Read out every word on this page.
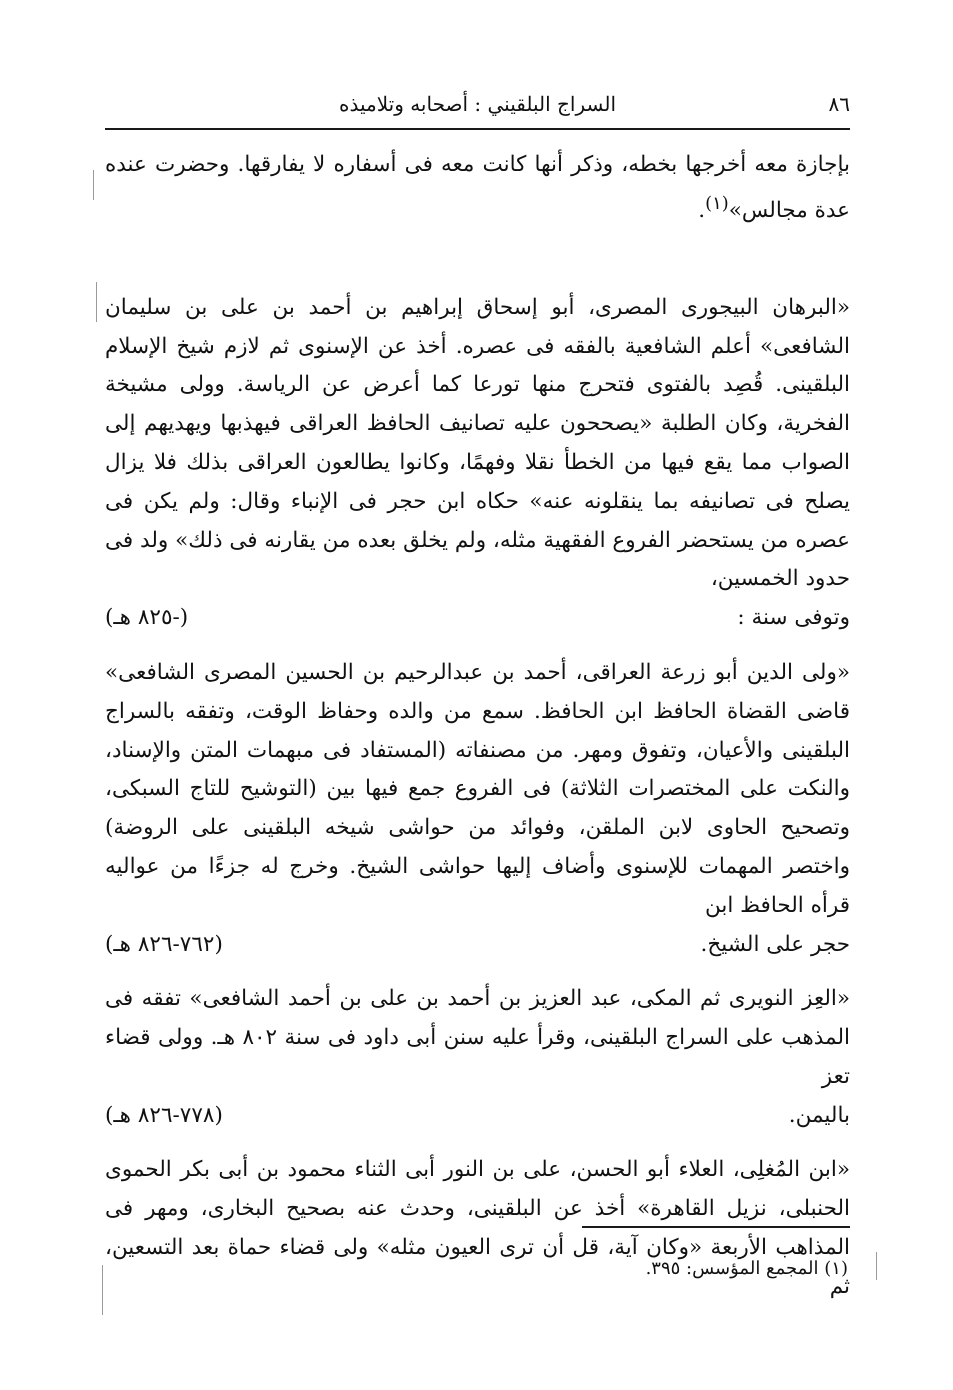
٨٦
السراج البلقيني : أصحابه وتلاميذه

بإجازة معه أخرجها بخطه، وذكر أنها كانت معه فى أسفاره لا يفارقها. وحضرت عنده عدة مجالس»$^{(١)}$.

«البرهان البيجورى المصرى، أبو إسحاق إبراهيم بن أحمد بن على بن سليمان الشافعى» أعلم الشافعية بالفقه فى عصره. أخذ عن الإسنوى ثم لازم شيخ الإسلام البلقينى. قُصِد بالفتوى فتحرج منها تورعا كما أعرض عن الرياسة. وولى مشيخة الفخرية، وكان الطلبة «يصححون عليه تصانيف الحافظ العراقى فيهذبها ويهديهم إلى الصواب مما يقع فيها من الخطأ نقلا وفهمًا، وكانوا يطالعون العراقى بذلك فلا يزال يصلح فى تصانيفه بما ينقلونه عنه» حكاه ابن حجر فى الإنباء وقال: ولم يكن فى عصره من يستحضر الفروع الفقهية مثله، ولم يخلق بعده من يقارنه فى ذلك» ولد فى حدود الخمسين،
وتوفى سنة :
(-٨٢٥ هـ)
«ولى الدين أبو زرعة العراقى، أحمد بن عبدالرحيم بن الحسين المصرى الشافعى» قاضى القضاة الحافظ ابن الحافظ. سمع من والده وحفاظ الوقت، وتفقه بالسراج البلقينى والأعيان، وتفوق ومهر. من مصنفاته (المستفاد فى مبهمات المتن والإسناد، والنكت على المختصرات الثلاثة) فى الفروع جمع فيها بين (التوشيح للتاج السبكى، وتصحيح الحاوى لابن الملقن، وفوائد من حواشى شيخه البلقينى على الروضة) واختصر المهمات للإسنوى وأضاف إليها حواشى الشيخ. وخرج له جزءًا من عواليه قرأه الحافظ ابن
حجر على الشيخ.
(٧٦٢-٨٢٦ هـ)
«العِز النويرى ثم المكى، عبد العزيز بن أحمد بن على بن أحمد الشافعى» تفقه فى المذهب على السراج البلقينى، وقرأ عليه سنن أبى داود فى سنة ٨٠٢ هـ. وولى قضاء تعز
باليمن.
(٧٧٨-٨٢٦ هـ)
«ابن المُغلِى، العلاء أبو الحسن، على بن النور أبى الثناء محمود بن أبى بكر الحموى الحنبلى، نزيل القاهرة» أخذ عن البلقينى، وحدث عنه بصحيح البخارى، ومهر فى المذاهب الأربعة «وكان آية، قل أن ترى العيون مثله» ولى قضاء حماة بعد التسعين، ثم
(١) المجمع المؤسس: ٣٩٥.
